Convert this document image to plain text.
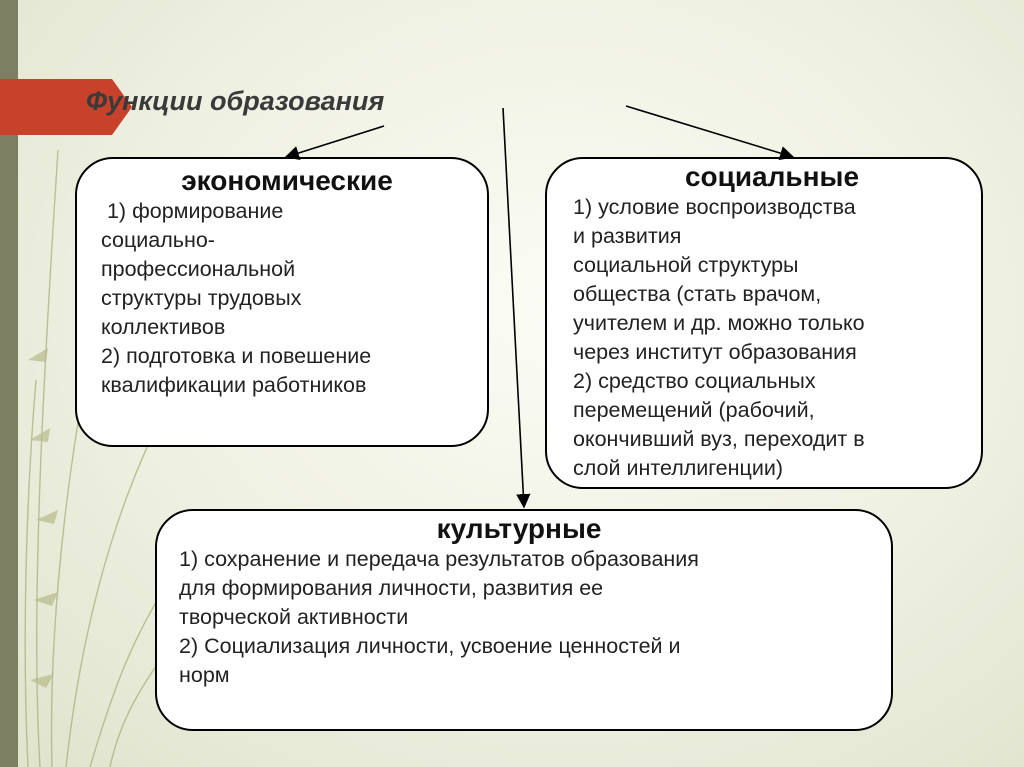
Функции образования

экономические

1) формирование

социально-

профессиональной

структуры трудовых

коллективов

2) подготовка и повешение

квалификации работников

социальные

1) условие воспроизводства

и развития

социальной структуры

общества (стать врачом,

учителем и др. можно только

через институт образования

2) средство социальных

перемещений (рабочий,

окончивший вуз, переходит в

слой интеллигенции)

культурные

1) сохранение и передача результатов образования

для формирования личности, развития ее

творческой активности

2) Социализация личности, усвоение ценностей и

норм
